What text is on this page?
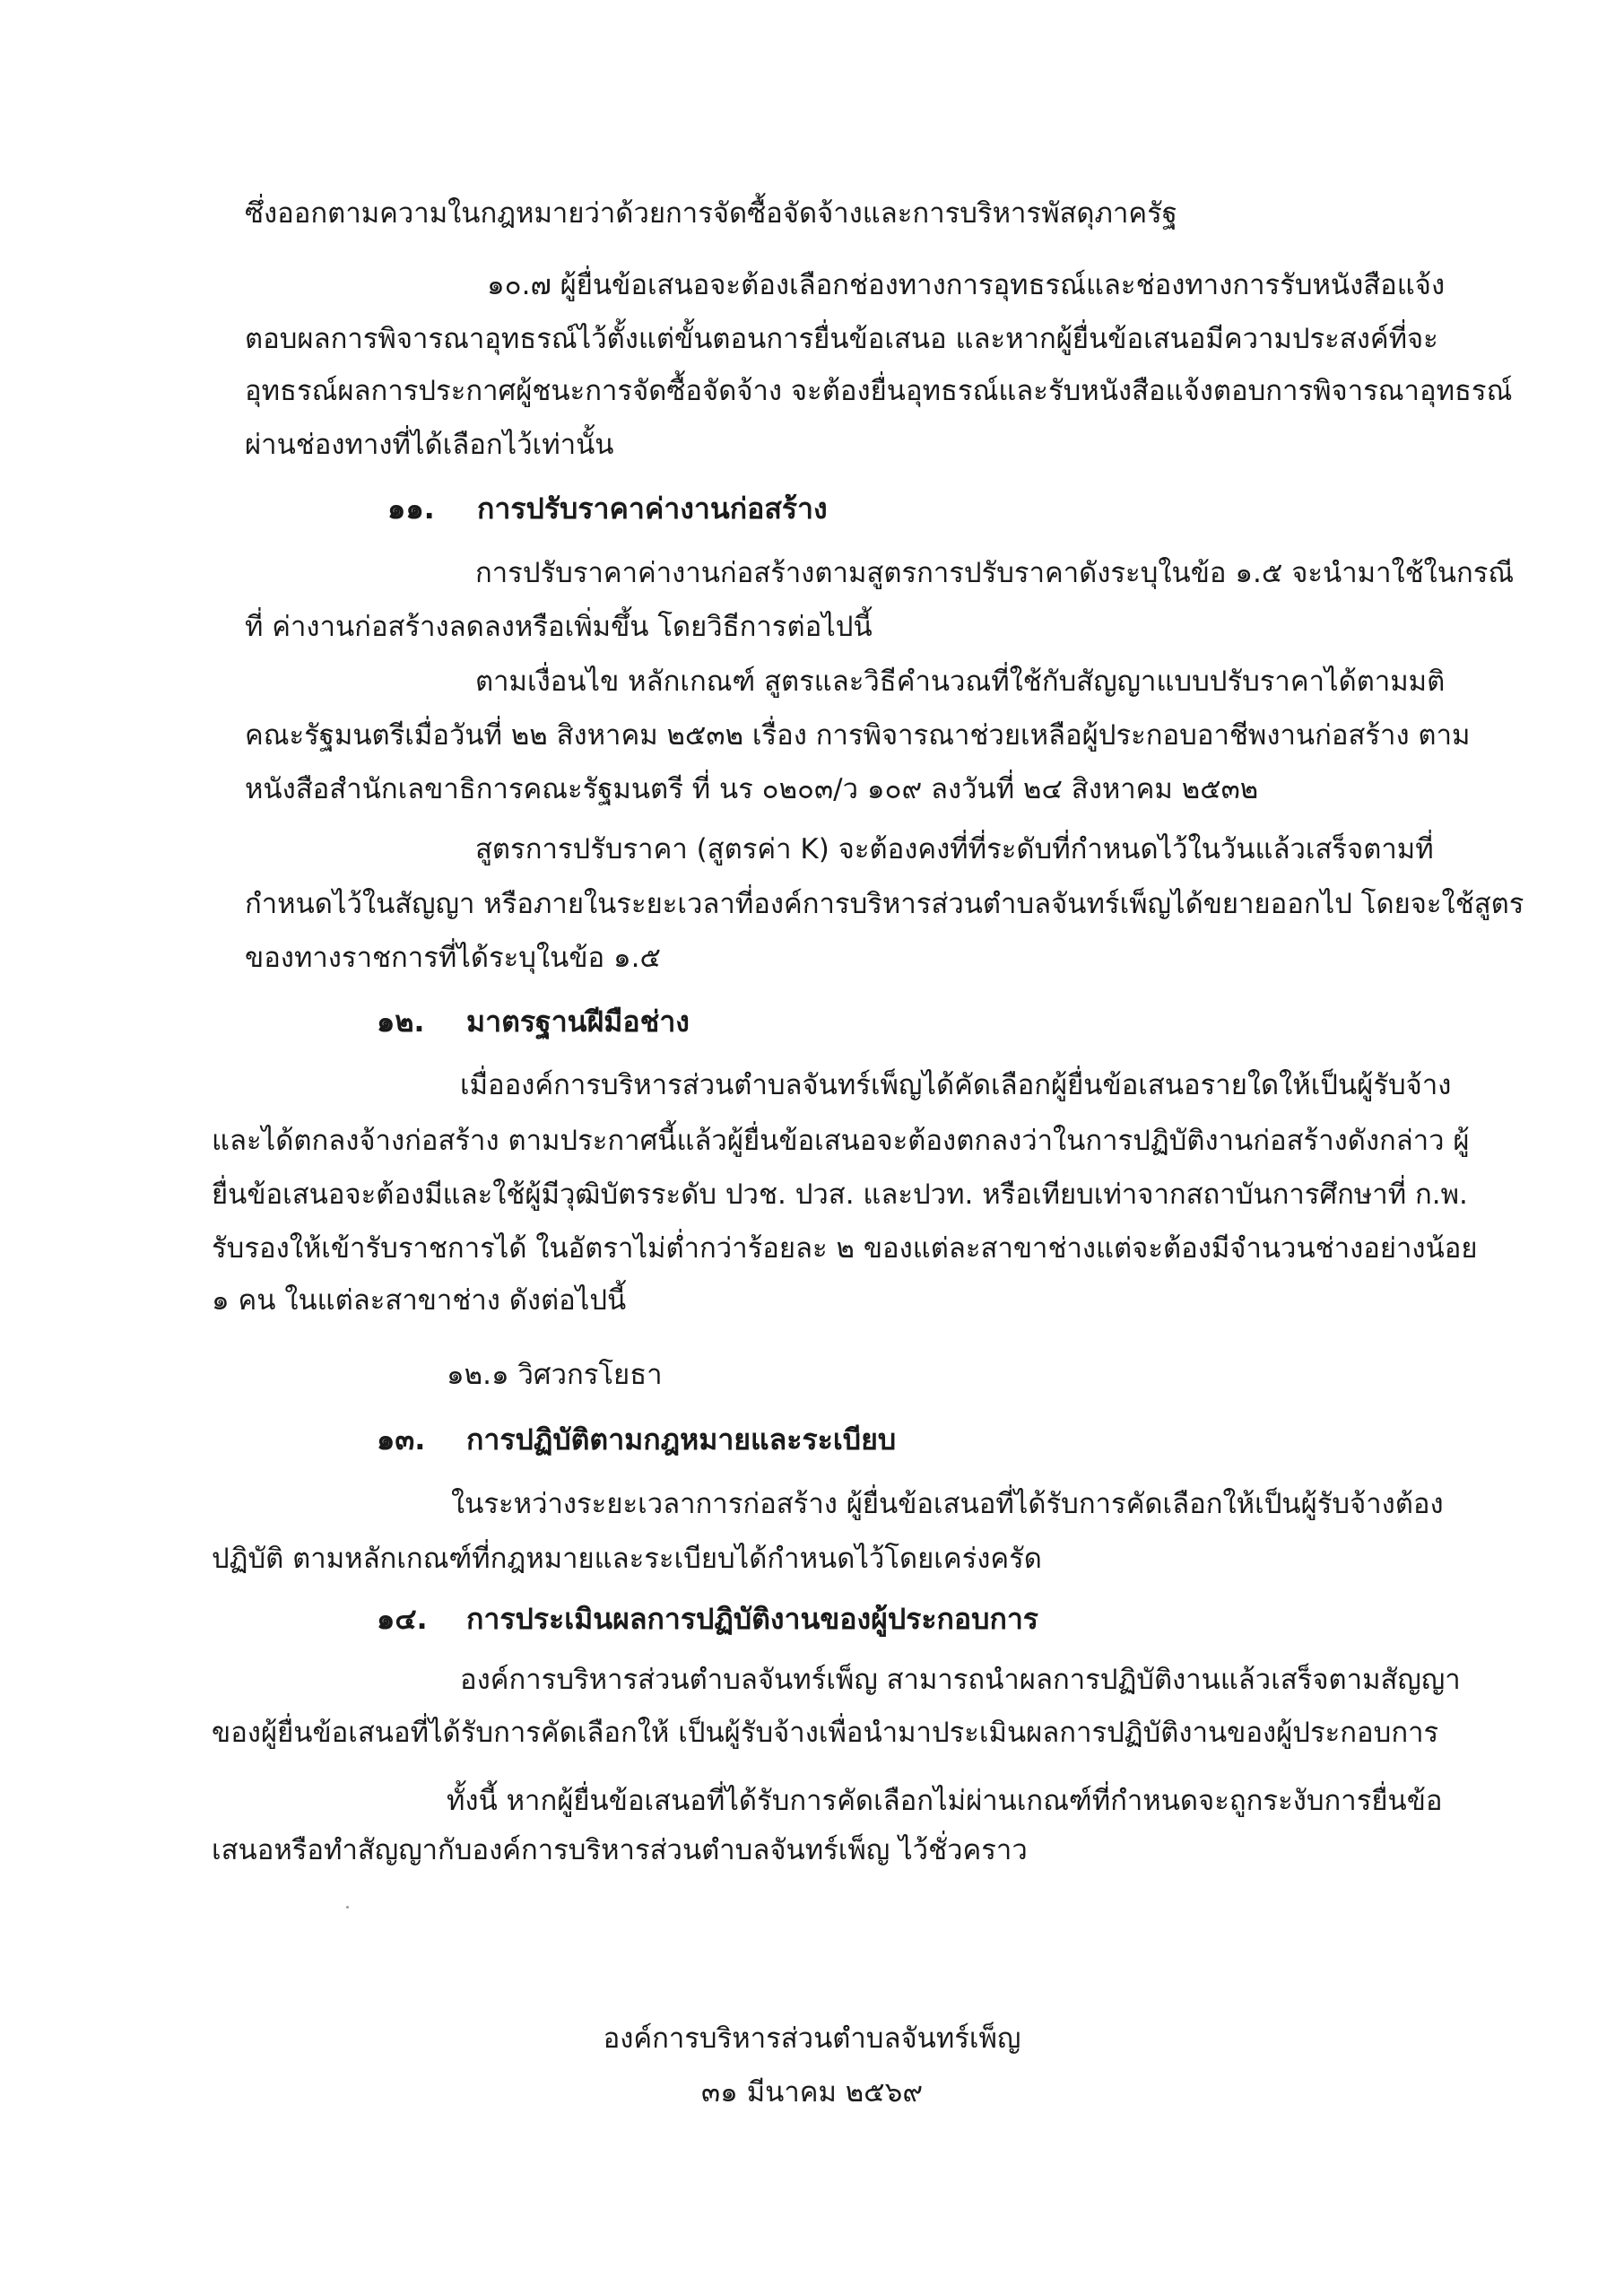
ซึ่งออกตามความในกฎหมายว่าด้วยการจัดซื้อจัดจ้างและการบริหารพัสดุภาครัฐ
๑๐.๗ ผู้ยื่นข้อเสนอจะต้องเลือกช่องทางการอุทธรณ์และช่องทางการรับหนังสือแจ้ง
ตอบผลการพิจารณาอุทธรณ์ไว้ตั้งแต่ขั้นตอนการยื่นข้อเสนอ และหากผู้ยื่นข้อเสนอมีความประสงค์ที่จะ
อุทธรณ์ผลการประกาศผู้ชนะการจัดซื้อจัดจ้าง จะต้องยื่นอุทธรณ์และรับหนังสือแจ้งตอบการพิจารณาอุทธรณ์
ผ่านช่องทางที่ได้เลือกไว้เท่านั้น
๑๑. การปรับราคาค่างานก่อสร้าง
การปรับราคาค่างานก่อสร้างตามสูตรการปรับราคาดังระบุในข้อ ๑.๕ จะนำมาใช้ในกรณี
ที่ ค่างานก่อสร้างลดลงหรือเพิ่มขึ้น โดยวิธีการต่อไปนี้
ตามเงื่อนไข หลักเกณฑ์ สูตรและวิธีคำนวณที่ใช้กับสัญญาแบบปรับราคาได้ตามมติ
คณะรัฐมนตรีเมื่อวันที่ ๒๒ สิงหาคม ๒๕๓๒ เรื่อง การพิจารณาช่วยเหลือผู้ประกอบอาชีพงานก่อสร้าง ตาม
หนังสือสำนักเลขาธิการคณะรัฐมนตรี ที่ นร ๐๒๐๓/ว ๑๐๙ ลงวันที่ ๒๔ สิงหาคม ๒๕๓๒
สูตรการปรับราคา (สูตรค่า K) จะต้องคงที่ที่ระดับที่กำหนดไว้ในวันแล้วเสร็จตามที่
กำหนดไว้ในสัญญา หรือภายในระยะเวลาที่องค์การบริหารส่วนตำบลจันทร์เพ็ญได้ขยายออกไป โดยจะใช้สูตร
ของทางราชการที่ได้ระบุในข้อ ๑.๕
๑๒. มาตรฐานฝีมือช่าง
เมื่อองค์การบริหารส่วนตำบลจันทร์เพ็ญได้คัดเลือกผู้ยื่นข้อเสนอรายใดให้เป็นผู้รับจ้าง
และได้ตกลงจ้างก่อสร้าง ตามประกาศนี้แล้วผู้ยื่นข้อเสนอจะต้องตกลงว่าในการปฏิบัติงานก่อสร้างดังกล่าว ผู้
ยื่นข้อเสนอจะต้องมีและใช้ผู้มีวุฒิบัตรระดับ ปวช. ปวส. และปวท. หรือเทียบเท่าจากสถาบันการศึกษาที่ ก.พ.
รับรองให้เข้ารับราชการได้ ในอัตราไม่ต่ำกว่าร้อยละ ๒ ของแต่ละสาขาช่างแต่จะต้องมีจำนวนช่างอย่างน้อย
๑ คน ในแต่ละสาขาช่าง ดังต่อไปนี้
๑๒.๑ วิศวกรโยธา
๑๓. การปฏิบัติตามกฎหมายและระเบียบ
ในระหว่างระยะเวลาการก่อสร้าง ผู้ยื่นข้อเสนอที่ได้รับการคัดเลือกให้เป็นผู้รับจ้างต้อง
ปฏิบัติ ตามหลักเกณฑ์ที่กฎหมายและระเบียบได้กำหนดไว้โดยเคร่งครัด
๑๔. การประเมินผลการปฏิบัติงานของผู้ประกอบการ
องค์การบริหารส่วนตำบลจันทร์เพ็ญ สามารถนำผลการปฏิบัติงานแล้วเสร็จตามสัญญา
ของผู้ยื่นข้อเสนอที่ได้รับการคัดเลือกให้ เป็นผู้รับจ้างเพื่อนำมาประเมินผลการปฏิบัติงานของผู้ประกอบการ
ทั้งนี้ หากผู้ยื่นข้อเสนอที่ได้รับการคัดเลือกไม่ผ่านเกณฑ์ที่กำหนดจะถูกระงับการยื่นข้อ
เสนอหรือทำสัญญากับองค์การบริหารส่วนตำบลจันทร์เพ็ญ ไว้ชั่วคราว
องค์การบริหารส่วนตำบลจันทร์เพ็ญ
๓๑ มีนาคม ๒๕๖๙
